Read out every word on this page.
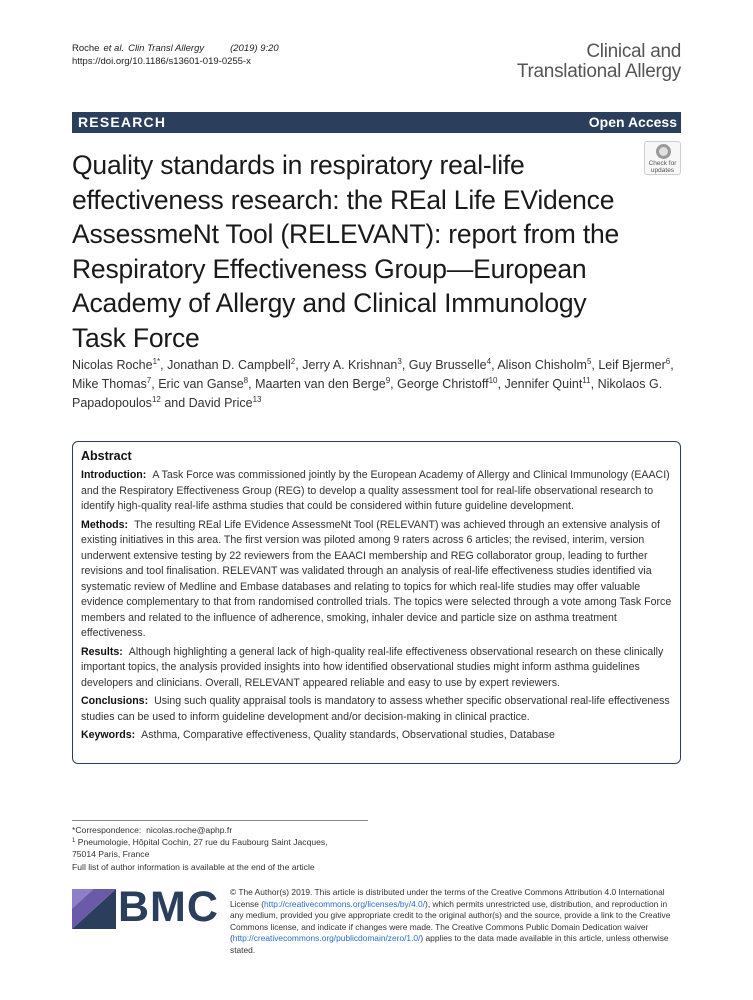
Roche et al. Clin Transl Allergy	(2019) 9:20
https://doi.org/10.1186/s13601-019-0255-x	Clinical and
Translational Allergy
RESEARCH	Open Access
Check for
updates
Quality standards in respiratory real-life effectiveness research: the REal Life EVidence AssessmeNt Tool (RELEVANT): report from the Respiratory Effectiveness Group—European Academy of Allergy and Clinical Immunology Task Force
Nicolas Roche$^{1*}$, Jonathan D. Campbell$^2$, Jerry A. Krishnan$^3$, Guy Brusselle$^4$, Alison Chisholm$^5$, Leif Bjermer$^6$, Mike Thomas$^7$, Eric van Ganse$^8$, Maarten van den Berge$^9$, George Christoff$^{10}$, Jennifer Quint$^{11}$, Nikolaos G. Papadopoulos$^{12}$ and David Price$^{13}$
Abstract

Introduction: A Task Force was commissioned jointly by the European Academy of Allergy and Clinical Immunology (EAACI) and the Respiratory Effectiveness Group (REG) to develop a quality assessment tool for real-life observational research to identify high-quality real-life asthma studies that could be considered within future guideline development.

Methods: The resulting REal Life EVidence AssessmeNt Tool (RELEVANT) was achieved through an extensive analysis of existing initiatives in this area. The first version was piloted among 9 raters across 6 articles; the revised, interim, version underwent extensive testing by 22 reviewers from the EAACI membership and REG collaborator group, leading to further revisions and tool finalisation. RELEVANT was validated through an analysis of real-life effectiveness studies identified via systematic review of Medline and Embase databases and relating to topics for which real-life studies may offer valuable evidence complementary to that from randomised controlled trials. The topics were selected through a vote among Task Force members and related to the influence of adherence, smoking, inhaler device and particle size on asthma treatment effectiveness.

Results: Although highlighting a general lack of high-quality real-life effectiveness observational research on these clinically important topics, the analysis provided insights into how identified observational studies might inform asthma guidelines developers and clinicians. Overall, RELEVANT appeared reliable and easy to use by expert reviewers.

Conclusions: Using such quality appraisal tools is mandatory to assess whether specific observational real-life effectiveness studies can be used to inform guideline development and/or decision-making in clinical practice.

Keywords: Asthma, Comparative effectiveness, Quality standards, Observational studies, Database

*Correspondence: nicolas.roche@aphp.fr
$^1$ Pneumologie, Hôpital Cochin, 27 rue du Faubourg Saint Jacques,
75014 Paris, France
Full list of author information is available at the end of the article
BMC © The Author(s) 2019. This article is distributed under the terms of the Creative Commons Attribution 4.0 International License (http://creativecommons.org/licenses/by/4.0/), which permits unrestricted use, distribution, and reproduction in any medium, provided you give appropriate credit to the original author(s) and the source, provide a link to the Creative Commons license, and indicate if changes were made. The Creative Commons Public Domain Dedication waiver (http://creativecommons.org/publicdomain/zero/1.0/) applies to the data made available in this article, unless otherwise stated.
